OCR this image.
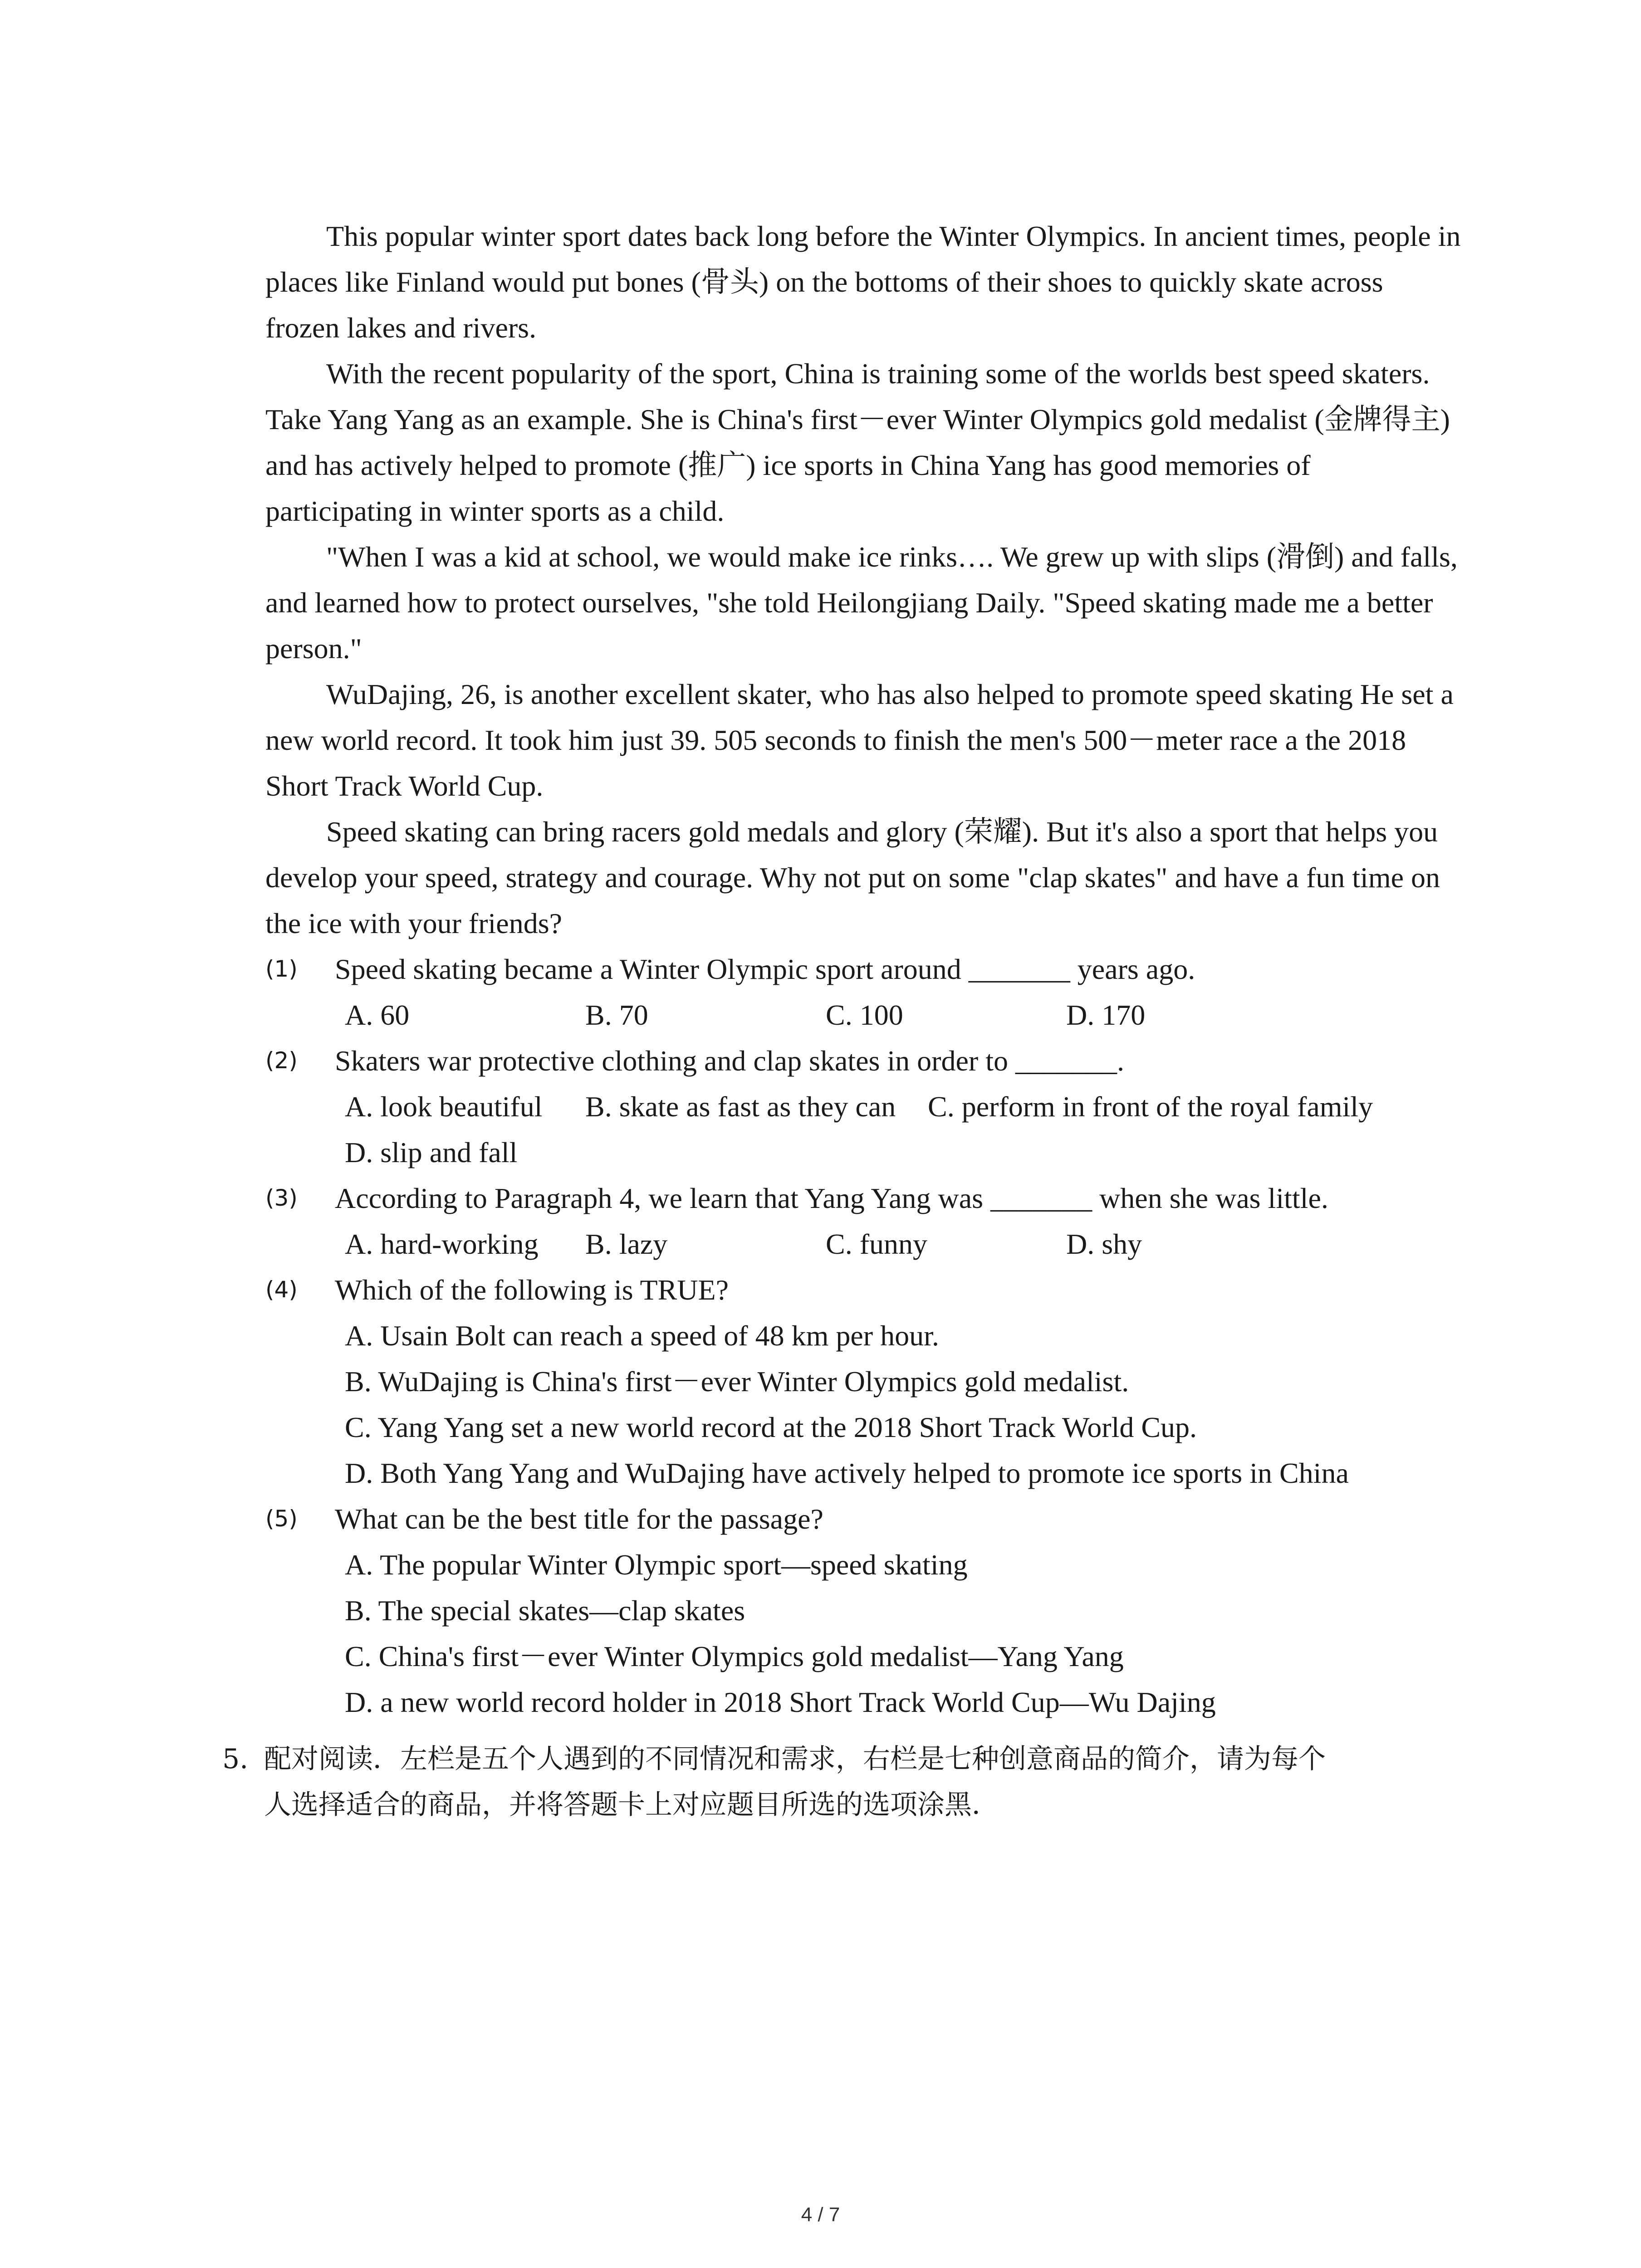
This popular winter sport dates back long before the Winter Olympics. In ancient times, people in places like Finland would put bones (骨头) on the bottoms of their shoes to quickly skate across frozen lakes and rivers.

With the recent popularity of the sport, China is training some of the worlds best speed skaters. Take Yang Yang as an example. She is China's first－ever Winter Olympics gold medalist (金牌得主) and has actively helped to promote (推广) ice sports in China Yang has good memories of participating in winter sports as a child.

"When I was a kid at school, we would make ice rinks…. We grew up with slips (滑倒) and falls, and learned how to protect ourselves, "she told Heilongjiang Daily. "Speed skating made me a better person."

WuDajing, 26, is another excellent skater, who has also helped to promote speed skating He set a new world record. It took him just 39. 505 seconds to finish the men's 500－meter race a the 2018 Short Track World Cup.

Speed skating can bring racers gold medals and glory (荣耀). But it's also a sport that helps you develop your speed, strategy and courage. Why not put on some "clap skates" and have a fun time on the ice with your friends?

(1) Speed skating became a Winter Olympic sport around _______ years ago.
A. 60	B. 70	C. 100	D. 170
(2) Skaters war protective clothing and clap skates in order to _______.
A. look beautiful B. skate as fast as they can C. perform in front of the royal family
D. slip and fall
(3) According to Paragraph 4, we learn that Yang Yang was _______ when she was little.
A. hard-working B. lazy	C. funny	D. shy
(4) Which of the following is TRUE?
A. Usain Bolt can reach a speed of 48 km per hour.
B. WuDajing is China's first－ever Winter Olympics gold medalist.
C. Yang Yang set a new world record at the 2018 Short Track World Cup.
D. Both Yang Yang and WuDajing have actively helped to promote ice sports in China
(5) What can be the best title for the passage?
A. The popular Winter Olympic sport—speed skating
B. The special skates—clap skates
C. China's first－ever Winter Olympics gold medalist—Yang Yang
D. a new world record holder in 2018 Short Track World Cup—Wu Dajing

5. 配对阅读．左栏是五个人遇到的不同情况和需求，右栏是七种创意商品的简介，请为每个
人选择适合的商品，并将答题卡上对应题目所选的选项涂黑．

4 / 7
